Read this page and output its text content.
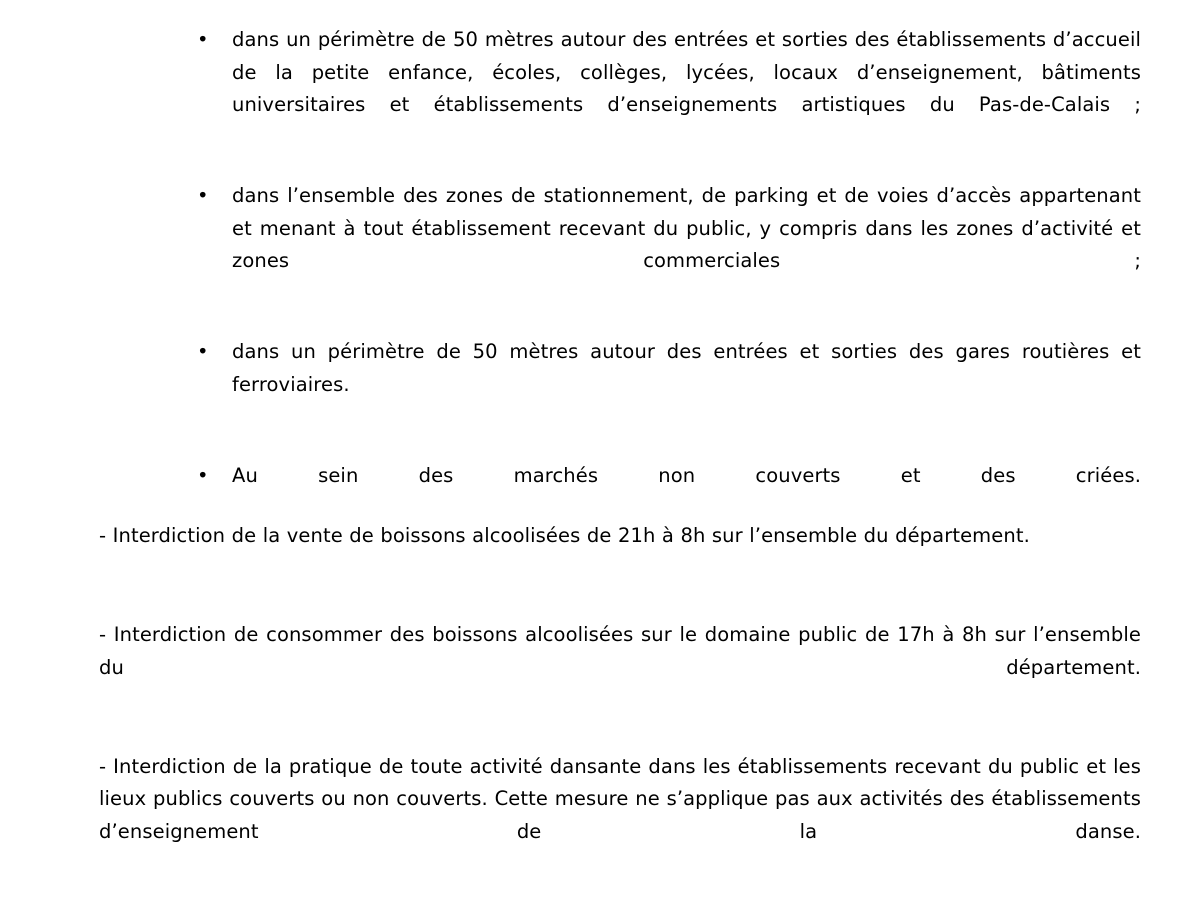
• dans un périmètre de 50 mètres autour des entrées et sorties des établissements d’accueil de la petite enfance, écoles, collèges, lycées, locaux d’enseignement, bâtiments universitaires et établissements d’enseignements artistiques du Pas-de-Calais ;
• dans l’ensemble des zones de stationnement, de parking et de voies d’accès appartenant et menant à tout établissement recevant du public, y compris dans les zones d’activité et zones commerciales ;
• dans un périmètre de 50 mètres autour des entrées et sorties des gares routières et ferroviaires.
• Au sein des marchés non couverts et des criées.

- Interdiction de la vente de boissons alcoolisées de 21h à 8h sur l’ensemble du département.

- Interdiction de consommer des boissons alcoolisées sur le domaine public de 17h à 8h sur l’ensemble du département.

- Interdiction de la pratique de toute activité dansante dans les établissements recevant du public et les lieux publics couverts ou non couverts. Cette mesure ne s’applique pas aux activités des établissements d’enseignement de la danse.
